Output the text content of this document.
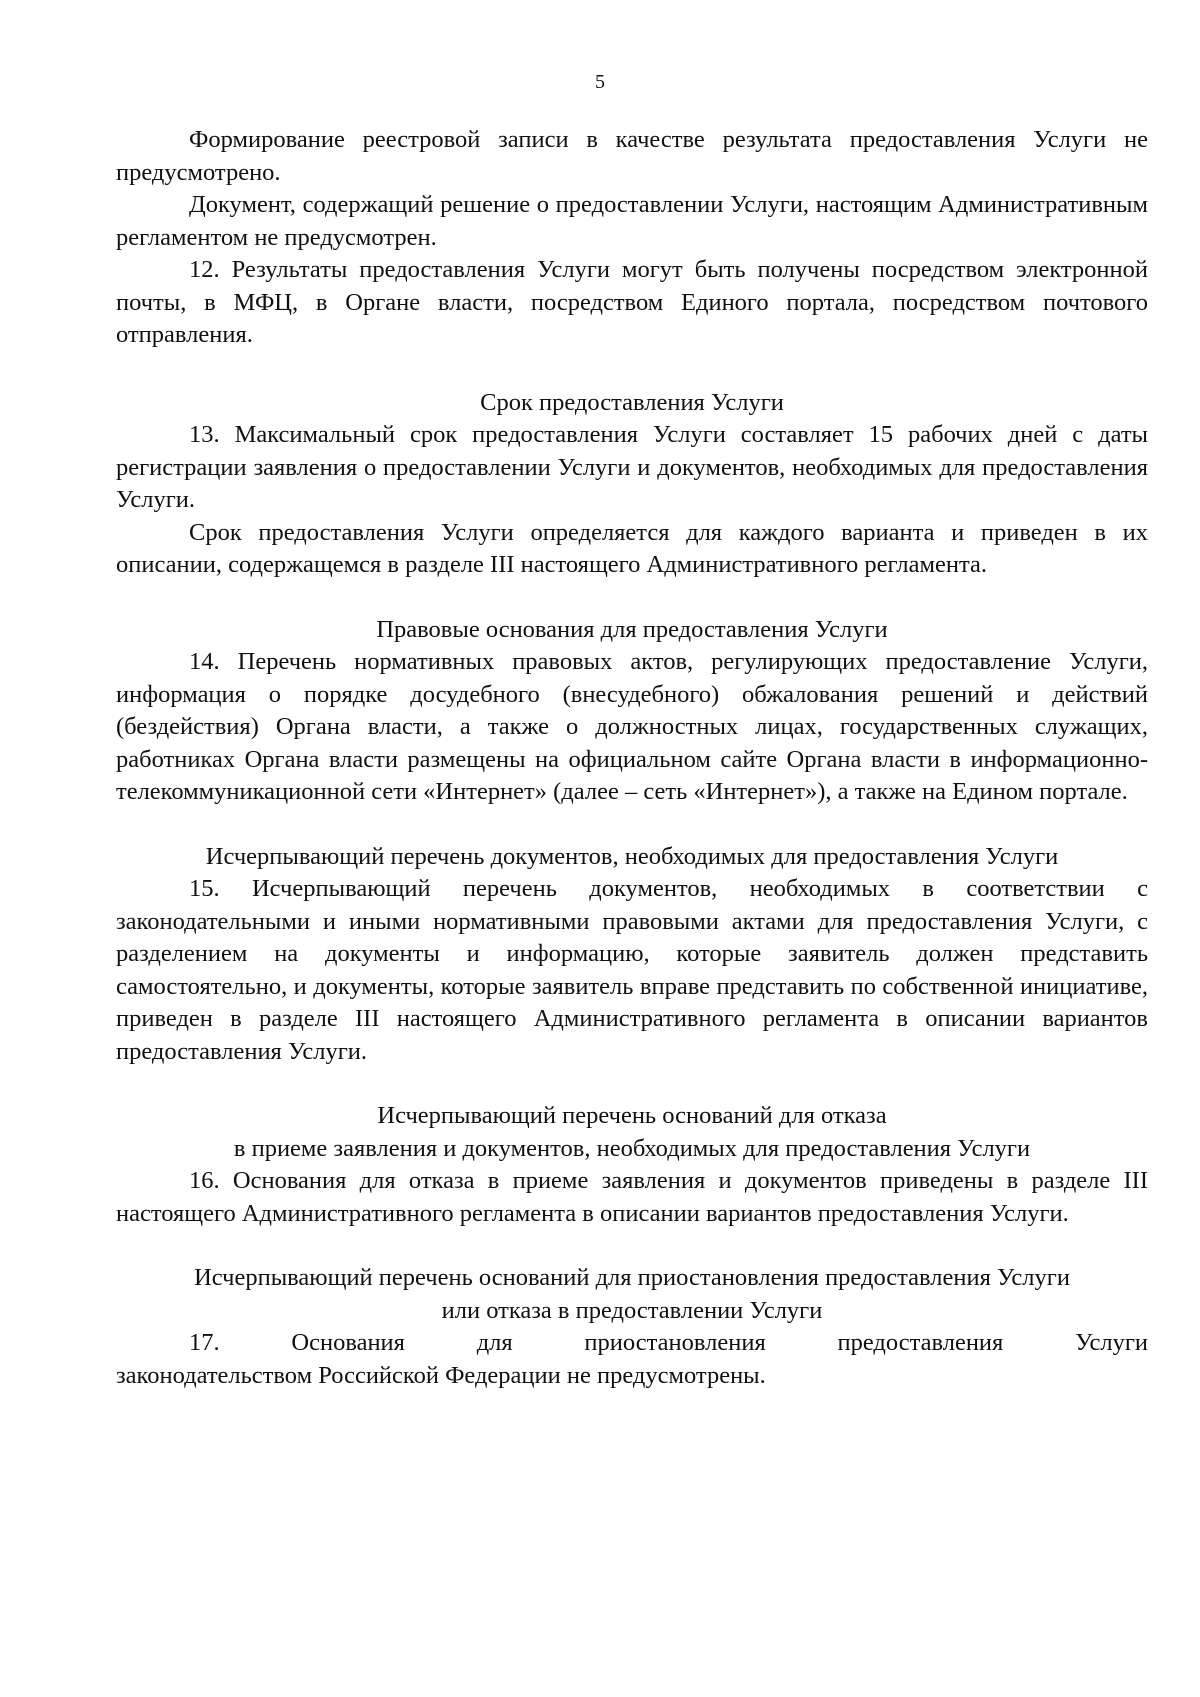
5

Формирование реестровой записи в качестве результата предоставления Услуги не предусмотрено.

Документ, содержащий решение о предоставлении Услуги, настоящим Административным регламентом не предусмотрен.

12. Результаты предоставления Услуги могут быть получены посредством электронной почты, в МФЦ, в Органе власти, посредством Единого портала, посредством почтового отправления.

Срок предоставления Услуги

13. Максимальный срок предоставления Услуги составляет 15 рабочих дней с даты регистрации заявления о предоставлении Услуги и документов, необходимых для предоставления Услуги.

Срок предоставления Услуги определяется для каждого варианта и приведен в их описании, содержащемся в разделе III настоящего Административного регламента.

Правовые основания для предоставления Услуги

14. Перечень нормативных правовых актов, регулирующих предоставление Услуги, информация о порядке досудебного (внесудебного) обжалования решений и действий (бездействия) Органа власти, а также о должностных лицах, государственных служащих, работниках Органа власти размещены на официальном сайте Органа власти в информационно-телекоммуникационной сети «Интернет» (далее – сеть «Интернет»), а также на Едином портале.

Исчерпывающий перечень документов, необходимых для предоставления Услуги

15. Исчерпывающий перечень документов, необходимых в соответствии с законодательными и иными нормативными правовыми актами для предоставления Услуги, с разделением на документы и информацию, которые заявитель должен представить самостоятельно, и документы, которые заявитель вправе представить по собственной инициативе, приведен в разделе III настоящего Административного регламента в описании вариантов предоставления Услуги.

Исчерпывающий перечень оснований для отказа

в приеме заявления и документов, необходимых для предоставления Услуги

16. Основания для отказа в приеме заявления и документов приведены в разделе III настоящего Административного регламента в описании вариантов предоставления Услуги.

Исчерпывающий перечень оснований для приостановления предоставления Услуги

или отказа в предоставлении Услуги

17. Основания для приостановления предоставления Услуги

законодательством Российской Федерации не предусмотрены.
